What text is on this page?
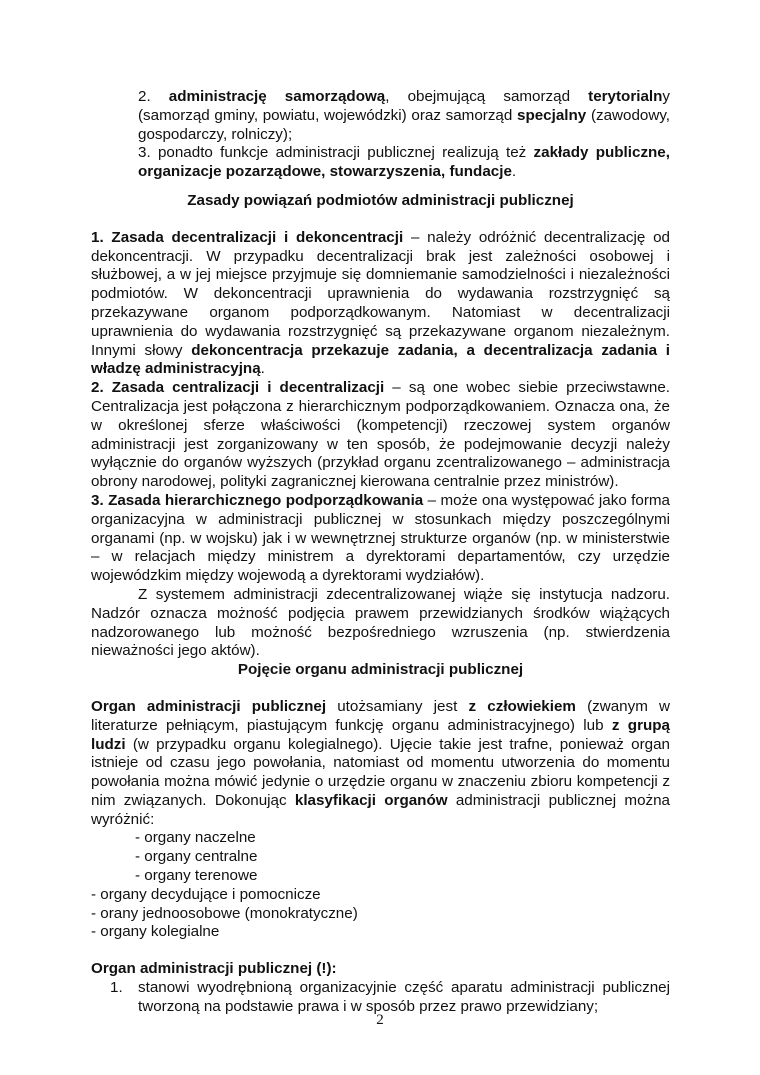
2. administrację samorządową, obejmującą samorząd terytorialny (samorząd gminy, powiatu, wojewódzki) oraz samorząd specjalny (zawodowy, gospodarczy, rolniczy);

3. ponadto funkcje administracji publicznej realizują też zakłady publiczne, organizacje pozarządowe, stowarzyszenia, fundacje.

Zasady powiązań podmiotów administracji publicznej

1. Zasada decentralizacji i dekoncentracji – należy odróżnić decentralizację od dekoncentracji. W przypadku decentralizacji brak jest zależności osobowej i służbowej, a w jej miejsce przyjmuje się domniemanie samodzielności i niezależności podmiotów. W dekoncentracji uprawnienia do wydawania rozstrzygnięć są przekazywane organom podporządkowanym. Natomiast w decentralizacji uprawnienia do wydawania rozstrzygnięć są przekazywane organom niezależnym. Innymi słowy dekoncentracja przekazuje zadania, a decentralizacja zadania i władzę administracyjną.

2. Zasada centralizacji i decentralizacji – są one wobec siebie przeciwstawne. Centralizacja jest połączona z hierarchicznym podporządkowaniem. Oznacza ona, że w określonej sferze właściwości (kompetencji) rzeczowej system organów administracji jest zorganizowany w ten sposób, że podejmowanie decyzji należy wyłącznie do organów wyższych (przykład organu zcentralizowanego – administracja obrony narodowej, polityki zagranicznej kierowana centralnie przez ministrów).

3. Zasada hierarchicznego podporządkowania – może ona występować jako forma organizacyjna w administracji publicznej w stosunkach między poszczególnymi organami (np. w wojsku) jak i w wewnętrznej strukturze organów (np. w ministerstwie – w relacjach między ministrem a dyrektorami departamentów, czy urzędzie wojewódzkim między wojewodą a dyrektorami wydziałów).

Z systemem administracji zdecentralizowanej wiąże się instytucja nadzoru. Nadzór oznacza możność podjęcia prawem przewidzianych środków wiążących nadzorowanego lub możność bezpośredniego wzruszenia (np. stwierdzenia nieważności jego aktów).

Pojęcie organu administracji publicznej

Organ administracji publicznej utożsamiany jest z człowiekiem (zwanym w literaturze pełniącym, piastującym funkcję organu administracyjnego) lub z grupą ludzi (w przypadku organu kolegialnego). Ujęcie takie jest trafne, ponieważ organ istnieje od czasu jego powołania, natomiast od momentu utworzenia do momentu powołania można mówić jedynie o urzędzie organu w znaczeniu zbioru kompetencji z nim związanych. Dokonując klasyfikacji organów administracji publicznej można wyróżnić:

- organy naczelne

- organy centralne

- organy terenowe

- organy decydujące i pomocnicze

- orany jednoosobowe (monokratyczne)

- organy kolegialne

Organ administracji publicznej (!):

1. stanowi wyodrębnioną organizacyjnie część aparatu administracji publicznej tworzoną na podstawie prawa i w sposób przez prawo przewidziany;
2
